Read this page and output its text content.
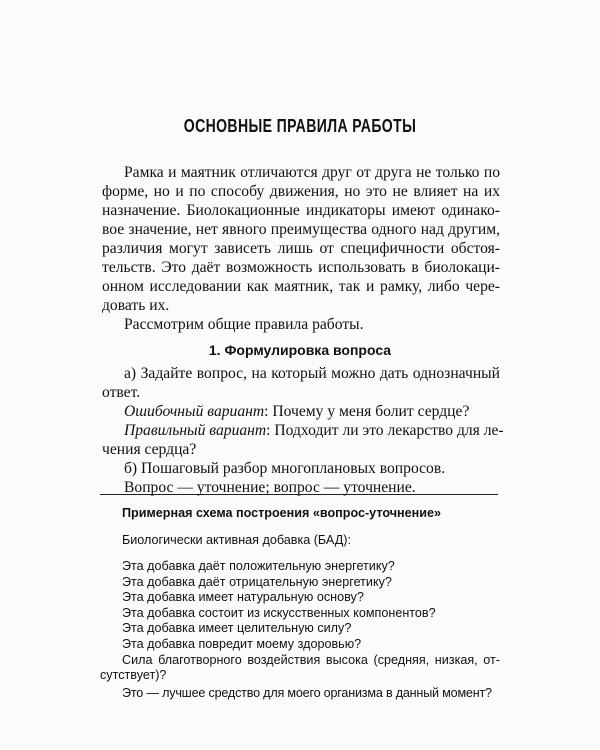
ОСНОВНЫЕ ПРАВИЛА РАБОТЫ
Рамка и маятник отличаются друг от друга не только по
форме, но и по способу движения, но это не влияет на их
назначение. Биолокационные индикаторы имеют одинако-
вое значение, нет явного преимущества одного над другим,
различия могут зависеть лишь от специфичности обстоя-
тельств. Это даёт возможность использовать в биолокаци-
онном исследовании как маятник, так и рамку, либо чере-
довать их.
Рассмотрим общие правила работы.
1. Формулировка вопроса
а) Задайте вопрос, на который можно дать однозначный
ответ.
Ошибочный вариант: Почему у меня болит сердце?
Правильный вариант: Подходит ли это лекарство для ле-
чения сердца?
б) Пошаговый разбор многоплановых вопросов.
Вопрос — уточнение; вопрос — уточнение.
Примерная схема построения «вопрос-уточнение»
Биологически активная добавка (БАД):
Эта добавка даёт положительную энергетику?
Эта добавка даёт отрицательную энергетику?
Эта добавка имеет натуральную основу?
Эта добавка состоит из искусственных компонентов?
Эта добавка имеет целительную силу?
Эта добавка повредит моему здоровью?
Сила благотворного воздействия высока (средняя, низкая, от-
сутствует)?
Это — лучшее средство для моего организма в данный момент?
